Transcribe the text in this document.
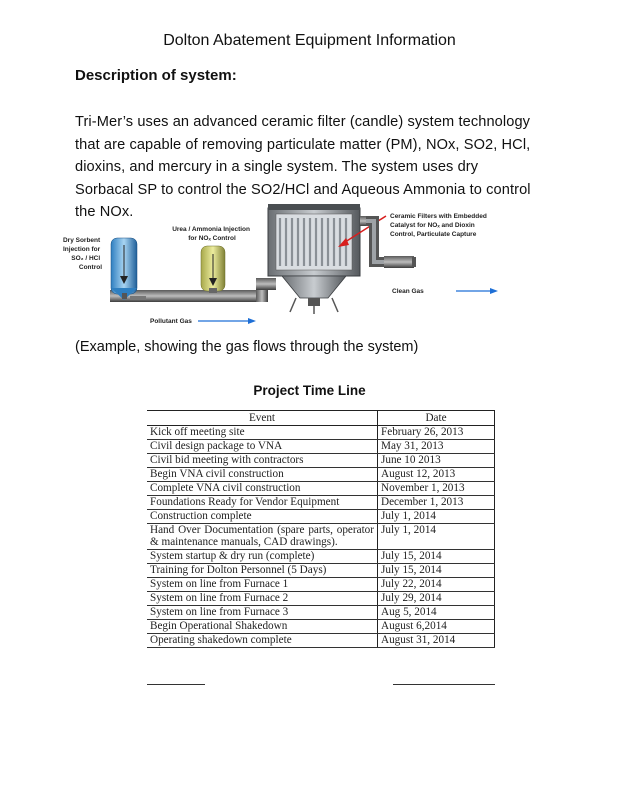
Dolton Abatement Equipment Information
Description of system:
Tri-Mer’s uses an advanced ceramic filter (candle) system technology that are capable of removing particulate matter (PM), NOx, SO2, HCl, dioxins, and mercury in a single system. The system uses dry Sorbacal SP to control the SO2/HCl and Aqueous Ammonia to control the NOx.
Dry Sorbent Injection for SO₂ / HCl Control
Urea / Ammonia Injection for NOₓ Control
Ceramic Filters with Embedded Catalyst for NOₓ and Dioxin Control, Particulate Capture
Clean Gas
Pollutant Gas
(Example, showing the gas flows through the system)
Project Time Line
Event	Date
Kick off meeting site	February 26, 2013
Civil design package to VNA	May 31, 2013
Civil bid meeting with contractors	June 10 2013
Begin VNA civil construction	August 12, 2013
Complete VNA civil construction	November 1, 2013
Foundations Ready for Vendor Equipment	December 1, 2013
Construction complete	July 1, 2014
Hand Over Documentation (spare parts, operator & maintenance manuals, CAD drawings).	July 1, 2014
System startup & dry run (complete)	July 15, 2014
Training for Dolton Personnel (5 Days)	July 15, 2014
System on line from Furnace 1	July 22, 2014
System on line from Furnace 2	July 29, 2014
System on line from Furnace 3	Aug 5, 2014
Begin Operational Shakedown	August 6,2014
Operating shakedown complete	August 31, 2014
